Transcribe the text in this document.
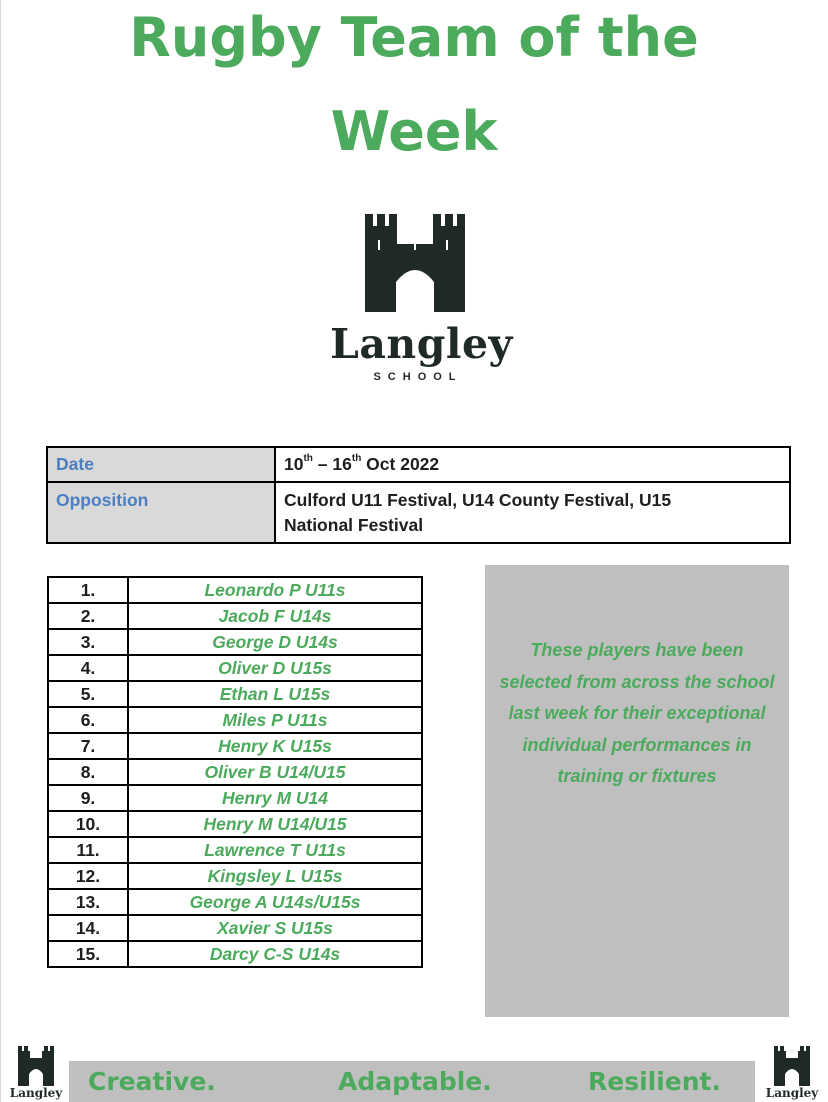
Rugby Team of the
Week
Langley
SCHOOL
Date	10th – 16th Oct 2022
Opposition	Culford U11 Festival, U14 County Festival, U15
National Festival
1.	Leonardo P U11s
2.	Jacob F U14s
3.	George D U14s
4.	Oliver D U15s
5.	Ethan L U15s
6.	Miles P U11s
7.	Henry K U15s
8.	Oliver B U14/U15
9.	Henry M U14
10.	Henry M U14/U15
11.	Lawrence T U11s
12.	Kingsley L U15s
13.	George A U14s/U15s
14.	Xavier S U15s
15.	Darcy C-S U14s
These players have been
selected from across the school
last week for their exceptional
individual performances in
training or fixtures
Creative.	Adaptable.	Resilient.
Langley	Langley
